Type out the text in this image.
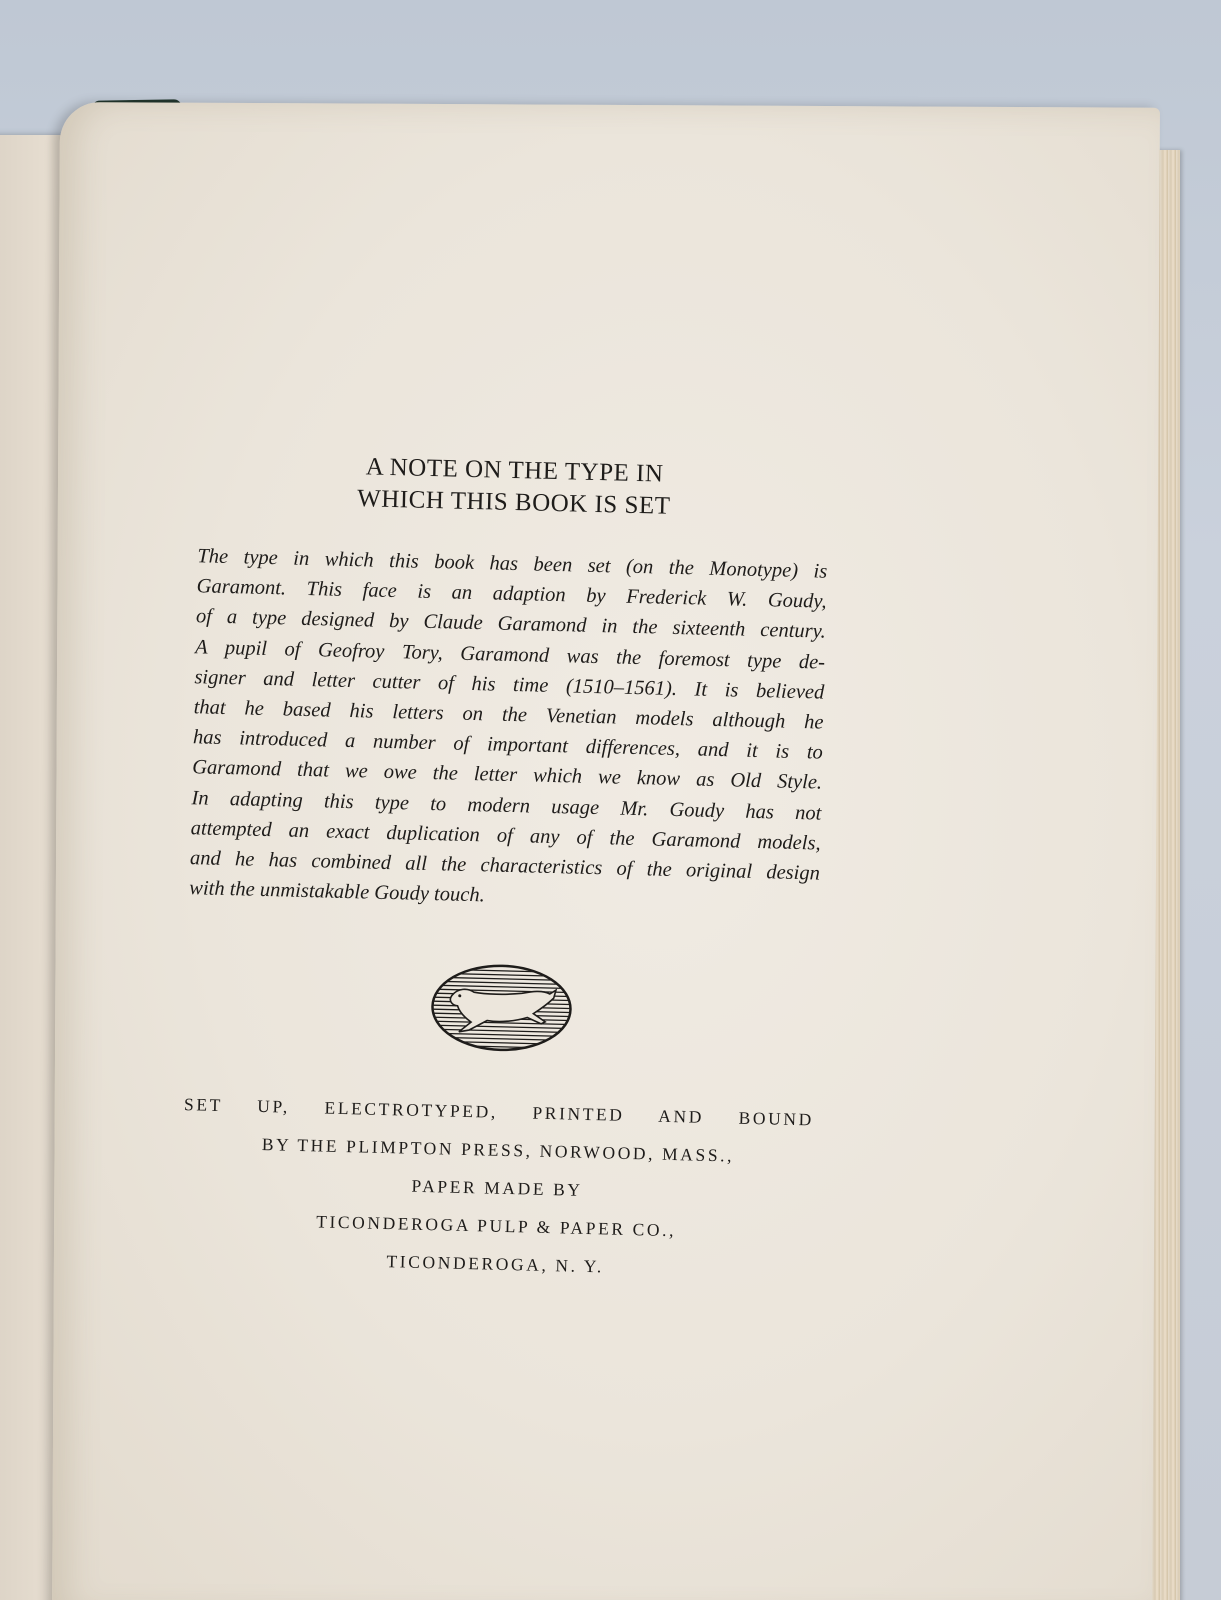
A NOTE ON THE TYPE IN
WHICH THIS BOOK IS SET

The type in which this book has been set (on the Monotype) is
Garamont. This face is an adaption by Frederick W. Goudy,
of a type designed by Claude Garamond in the sixteenth century.
A pupil of Geofroy Tory, Garamond was the foremost type de-
signer and letter cutter of his time (1510–1561). It is believed
that he based his letters on the Venetian models although he
has introduced a number of important differences, and it is to
Garamond that we owe the letter which we know as Old Style.
In adapting this type to modern usage Mr. Goudy has not
attempted an exact duplication of any of the Garamond models,
and he has combined all the characteristics of the original design
with the unmistakable Goudy touch.

SET UP, ELECTROTYPED, PRINTED AND BOUND
BY THE PLIMPTON PRESS, NORWOOD, MASS.,
PAPER MADE BY
TICONDEROGA PULP & PAPER CO.,
TICONDEROGA, N. Y.
